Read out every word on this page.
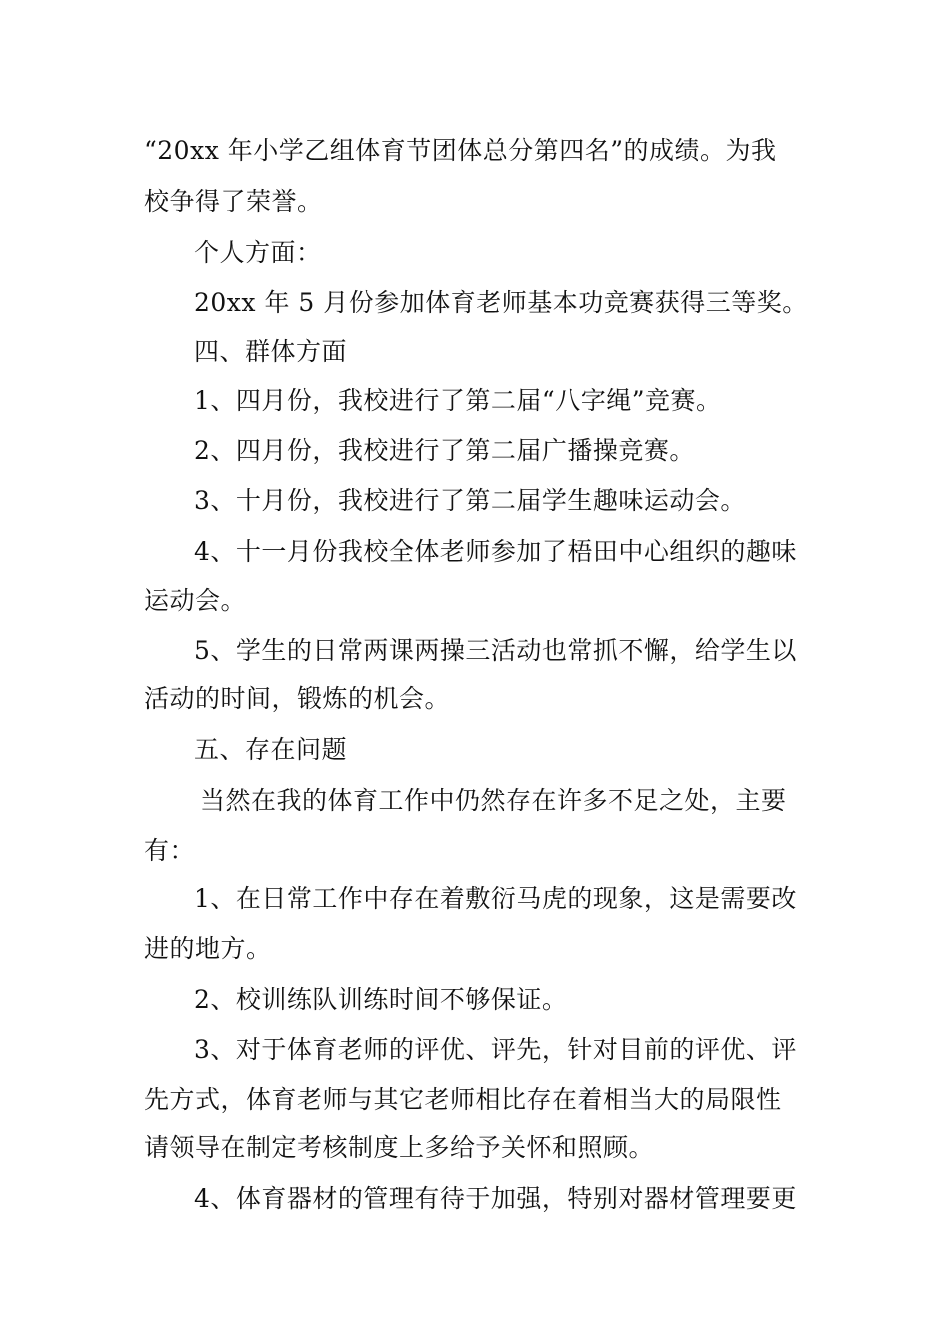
“20xx 年小学乙组体育节团体总分第四名”的成绩。为我
校争得了荣誉。
个人方面：
20xx 年 5 月份参加体育老师基本功竞赛获得三等奖。
四、群体方面
1、四月份，我校进行了第二届“八字绳”竞赛。
2、四月份，我校进行了第二届广播操竞赛。
3、十月份，我校进行了第二届学生趣味运动会。
4、十一月份我校全体老师参加了梧田中心组织的趣味
运动会。
5、学生的日常两课两操三活动也常抓不懈，给学生以
活动的时间，锻炼的机会。
五、存在问题
当然在我的体育工作中仍然存在许多不足之处，主要
有：
1、在日常工作中存在着敷衍马虎的现象，这是需要改
进的地方。
2、校训练队训练时间不够保证。
3、对于体育老师的评优、评先，针对目前的评优、评
先方式，体育老师与其它老师相比存在着相当大的局限性
请领导在制定考核制度上多给予关怀和照顾。
4、体育器材的管理有待于加强，特别对器材管理要更
